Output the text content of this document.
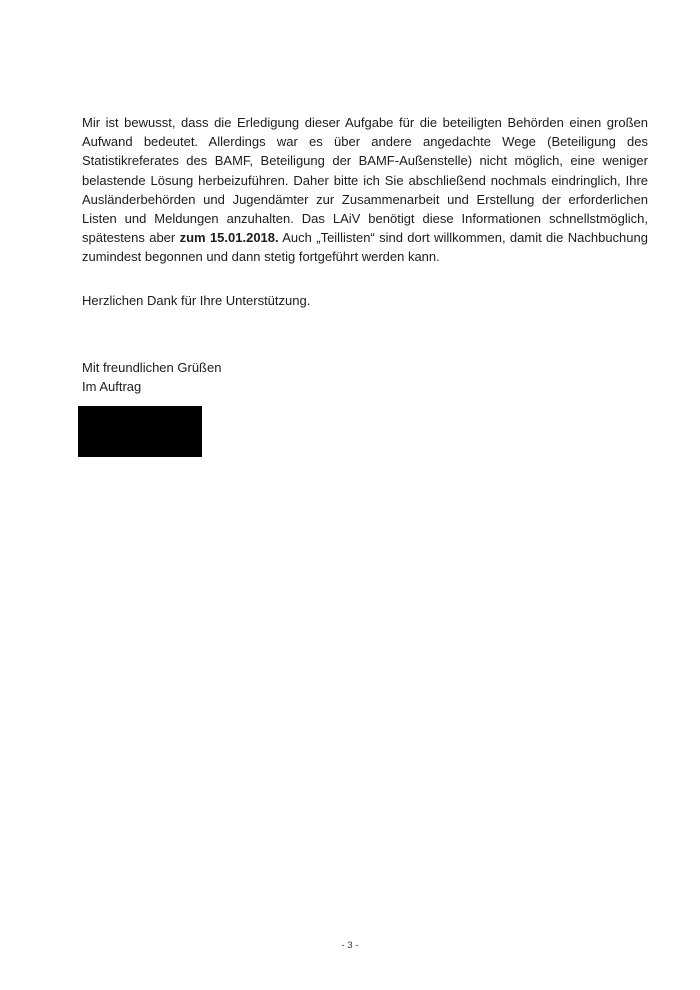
Mir ist bewusst, dass die Erledigung dieser Aufgabe für die beteiligten Behörden einen großen Aufwand bedeutet. Allerdings war es über andere angedachte Wege (Beteiligung des Statistikreferates des BAMF, Beteiligung der BAMF-Außenstelle) nicht möglich, eine weniger belastende Lösung herbeizuführen. Daher bitte ich Sie abschließend nochmals eindringlich, Ihre Ausländerbehörden und Jugendämter zur Zusammenarbeit und Erstellung der erforderlichen Listen und Meldungen anzuhalten. Das LAiV benötigt diese Informationen schnellstmöglich, spätestens aber zum 15.01.2018. Auch „Teillisten“ sind dort willkommen, damit die Nachbuchung zumindest begonnen und dann stetig fortgeführt werden kann.

Herzlichen Dank für Ihre Unterstützung.

Mit freundlichen Grüßen
Im Auftrag

- 3 -
